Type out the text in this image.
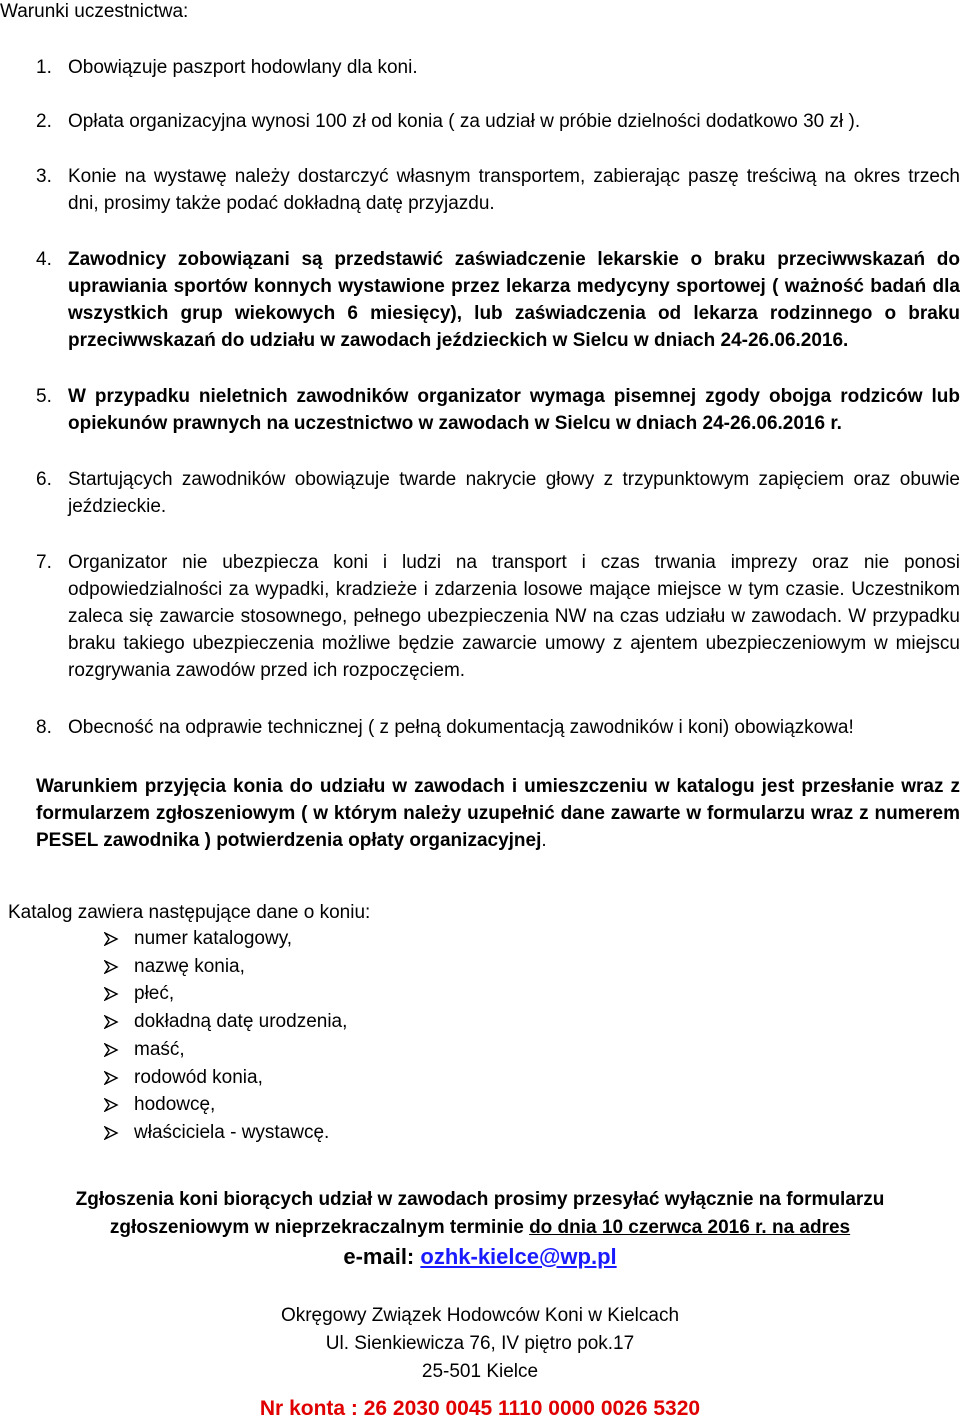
Warunki uczestnictwa:
1. Obowiązuje paszport hodowlany dla koni.
2. Opłata organizacyjna wynosi 100 zł od konia ( za udział w próbie dzielności dodatkowo 30 zł ).
3. Konie na wystawę należy dostarczyć własnym transportem, zabierając paszę treściwą na okres trzech dni, prosimy także podać dokładną datę przyjazdu.
4. Zawodnicy zobowiązani są przedstawić zaświadczenie lekarskie o braku przeciwwskazań do uprawiania sportów konnych wystawione przez lekarza medycyny sportowej ( ważność badań dla wszystkich grup wiekowych 6 miesięcy), lub zaświadczenia od lekarza rodzinnego o braku przeciwwskazań do udziału w zawodach jeździeckich w Sielcu w dniach 24-26.06.2016.
5. W przypadku nieletnich zawodników organizator wymaga pisemnej zgody obojga rodziców lub opiekunów prawnych na uczestnictwo w zawodach w Sielcu w dniach 24-26.06.2016 r.
6. Startujących zawodników obowiązuje twarde nakrycie głowy z trzypunktowym zapięciem oraz obuwie jeździeckie.
7. Organizator nie ubezpiecza koni i ludzi na transport i czas trwania imprezy oraz nie ponosi odpowiedzialności za wypadki, kradzieże i zdarzenia losowe mające miejsce w tym czasie. Uczestnikom zaleca się zawarcie stosownego, pełnego ubezpieczenia NW na czas udziału w zawodach. W przypadku braku takiego ubezpieczenia możliwe będzie zawarcie umowy z ajentem ubezpieczeniowym w miejscu rozgrywania zawodów przed ich rozpoczęciem.
8. Obecność na odprawie technicznej ( z pełną dokumentacją zawodników i koni) obowiązkowa!
Warunkiem przyjęcia konia do udziału w zawodach i umieszczeniu w katalogu jest przesłanie wraz z formularzem zgłoszeniowym ( w którym należy uzupełnić dane zawarte w formularzu wraz z numerem PESEL zawodnika ) potwierdzenia opłaty organizacyjnej.
Katalog zawiera następujące dane o koniu:
numer katalogowy,
nazwę konia,
płeć,
dokładną datę urodzenia,
maść,
rodowód konia,
hodowcę,
właściciela - wystawcę.
Zgłoszenia koni biorących udział w zawodach prosimy przesyłać wyłącznie na formularzu
zgłoszeniowym w nieprzekraczalnym terminie do dnia 10 czerwca 2016 r. na adres
e-mail: ozhk-kielce@wp.pl
Okręgowy Związek Hodowców Koni w Kielcach
Ul. Sienkiewicza 76, IV piętro pok.17
25-501 Kielce
Nr konta : 26 2030 0045 1110 0000 0026 5320
